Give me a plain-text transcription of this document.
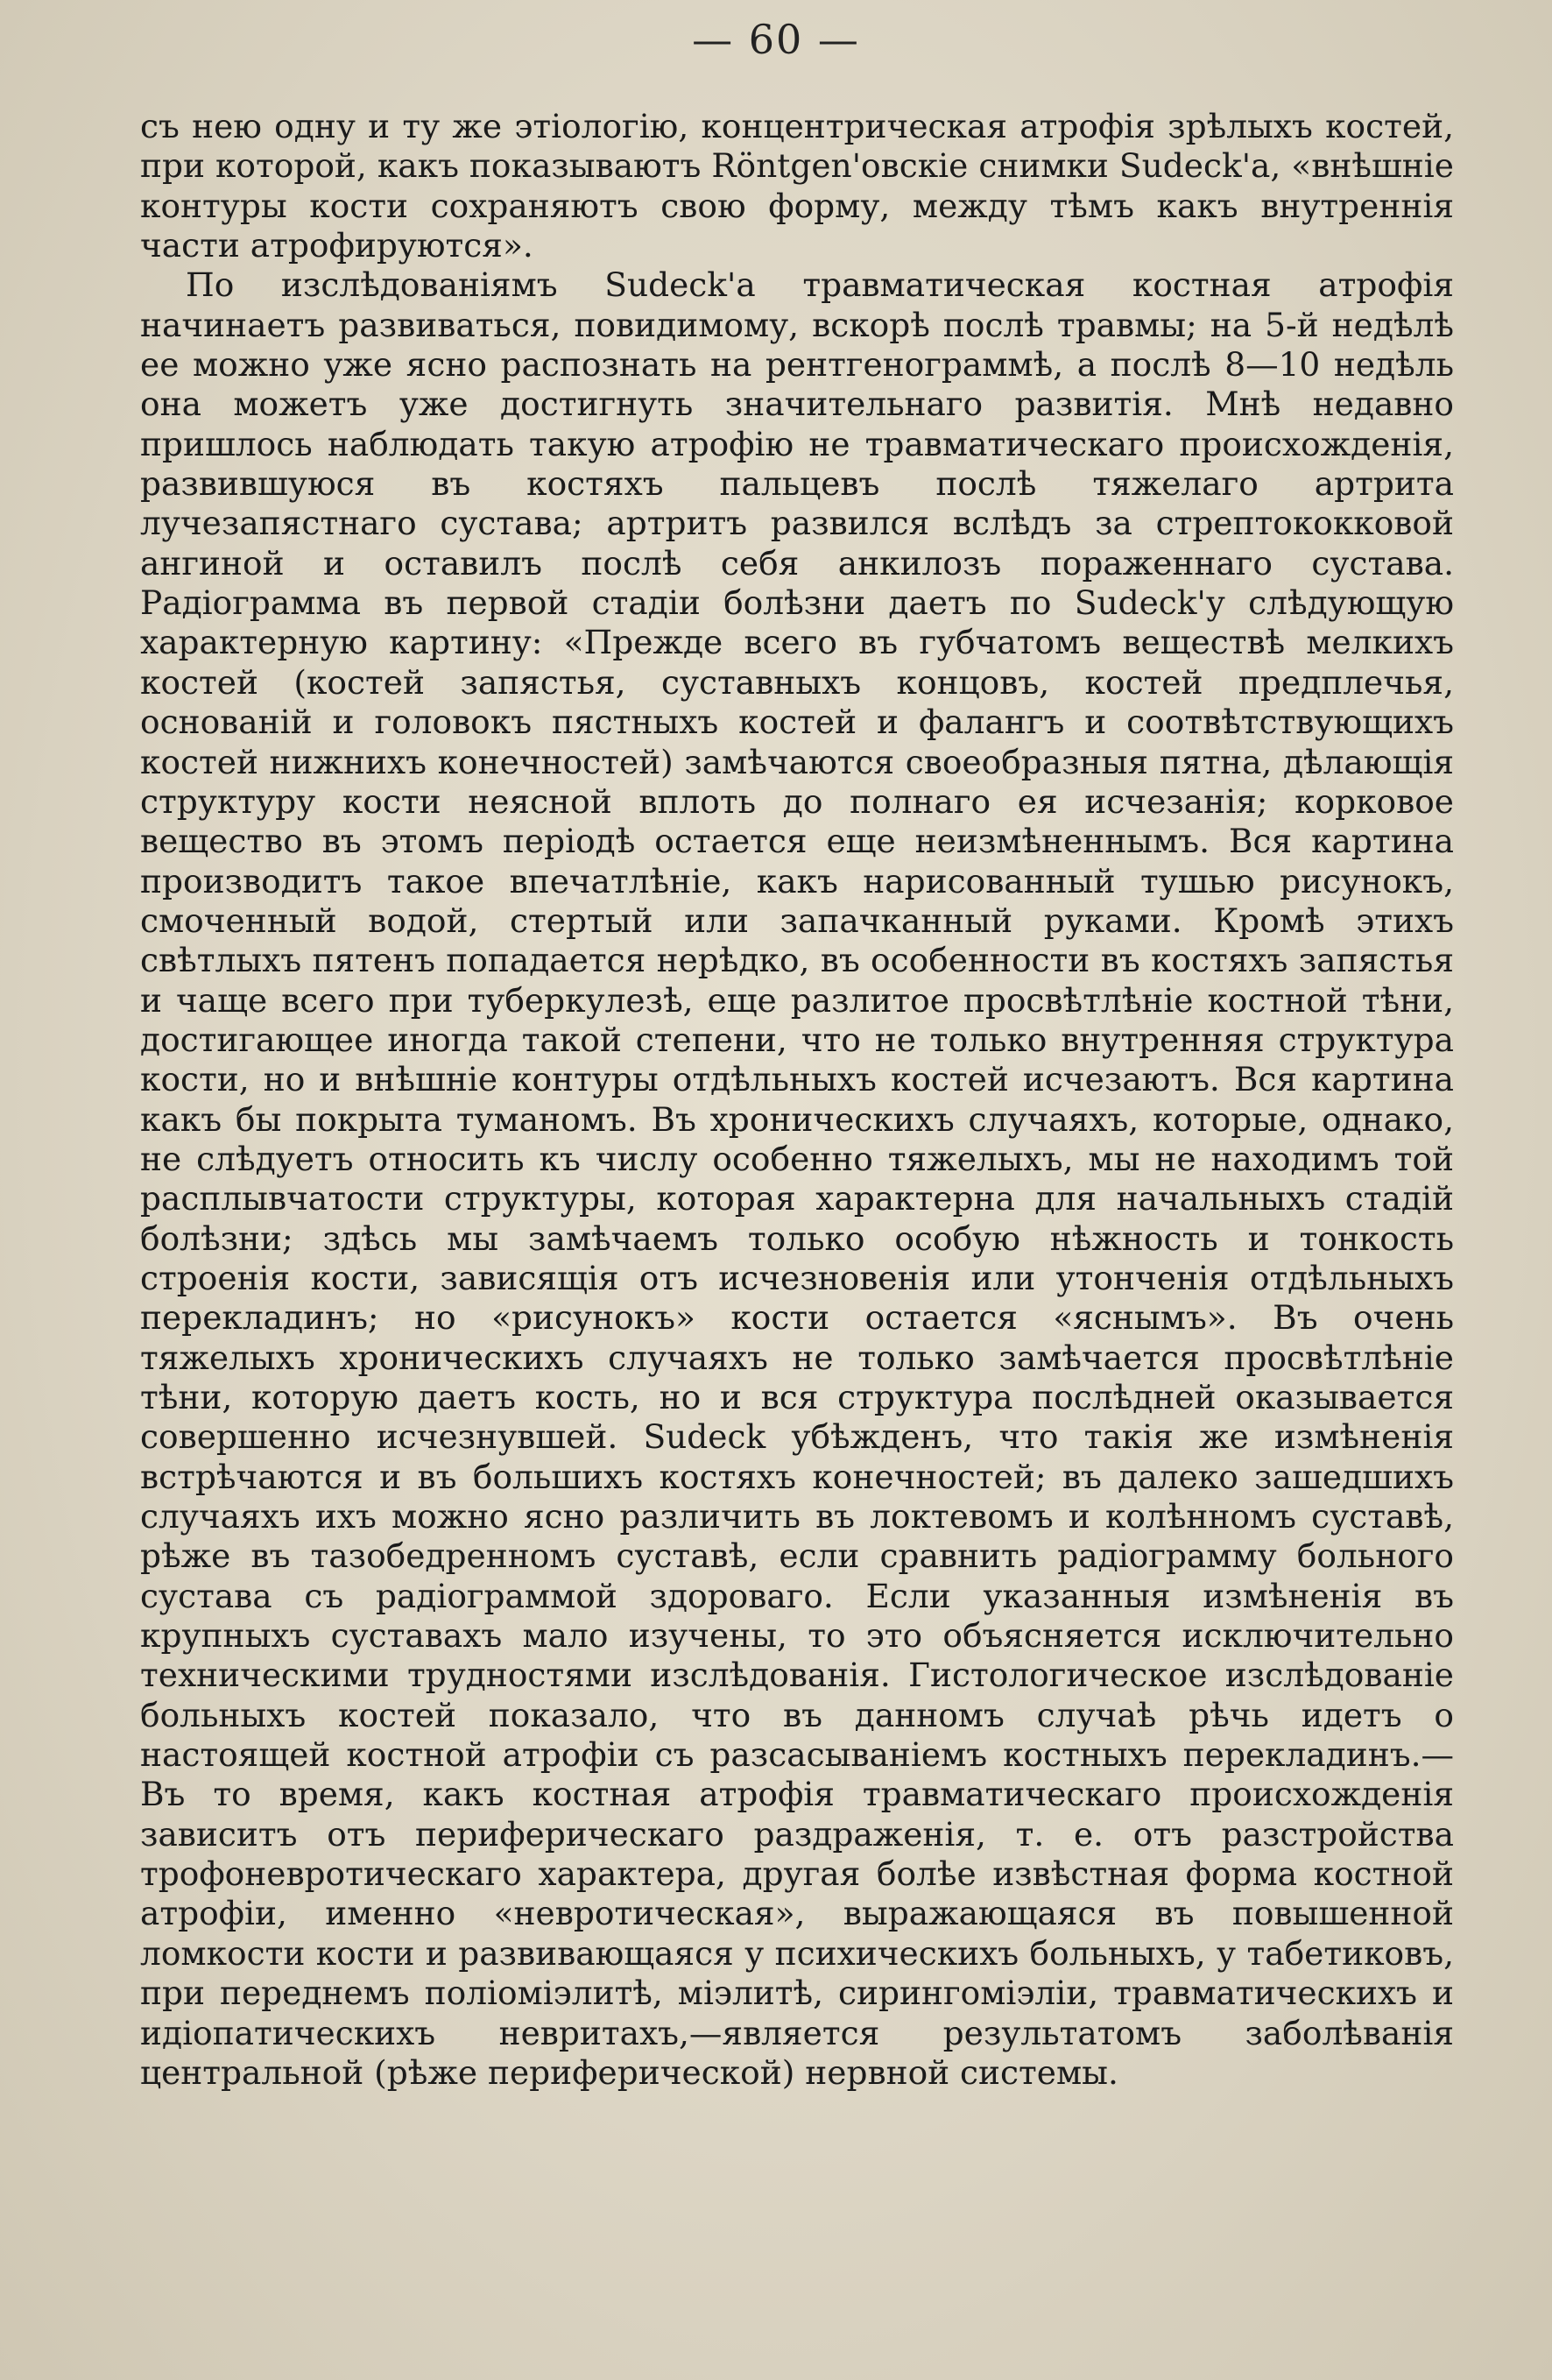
— 60 —

съ нею одну и ту же этіологію, концентрическая атрофія зрѣлыхъ костей, при которой, какъ показываютъ Röntgen'овскіе снимки Sudeck'а, «внѣшніе контуры кости сохраняютъ свою форму, между тѣмъ какъ внутреннія части атрофируются».

По изслѣдованіямъ Sudeck'а травматическая костная атрофія начинаетъ развиваться, повидимому, вскорѣ послѣ травмы; на 5-й недѣлѣ ее можно уже ясно распознать на рентгенограммѣ, а послѣ 8—10 недѣль она можетъ уже достигнуть значительнаго развитія. Мнѣ недавно пришлось наблюдать такую атрофію не травматическаго происхожденія, развившуюся въ костяхъ пальцевъ послѣ тяжелаго артрита лучезапястнаго сустава; артритъ развился вслѣдъ за стрептококковой ангиной и оставилъ послѣ себя анкилозъ пораженнаго сустава. Радіограмма въ первой стадіи болѣзни даетъ по Sudeck'у слѣдующую характерную картину: «Прежде всего въ губчатомъ веществѣ мелкихъ костей (костей запястья, суставныхъ концовъ, костей предплечья, основаній и головокъ пястныхъ костей и фалангъ и соотвѣтствующихъ костей нижнихъ конечностей) замѣчаются своеобразныя пятна, дѣлающія структуру кости неясной вплоть до полнаго ея исчезанія; корковое вещество въ этомъ періодѣ остается еще неизмѣненнымъ. Вся картина производитъ такое впечатлѣніе, какъ нарисованный тушью рисунокъ, смоченный водой, стертый или запачканный руками. Кромѣ этихъ свѣтлыхъ пятенъ попадается нерѣдко, въ особенности въ костяхъ запястья и чаще всего при туберкулезѣ, еще разлитое просвѣтлѣніе костной тѣни, достигающее иногда такой степени, что не только внутренняя структура кости, но и внѣшніе контуры отдѣльныхъ костей исчезаютъ. Вся картина какъ бы покрыта туманомъ. Въ хроническихъ случаяхъ, которые, однако, не слѣдуетъ относить къ числу особенно тяжелыхъ, мы не находимъ той расплывчатости структуры, которая характерна для начальныхъ стадій болѣзни; здѣсь мы замѣчаемъ только особую нѣжность и тонкость строенія кости, зависящія отъ исчезновенія или утонченія отдѣльныхъ перекладинъ; но «рисунокъ» кости остается «яснымъ». Въ очень тяжелыхъ хроническихъ случаяхъ не только замѣчается просвѣтлѣніе тѣни, которую даетъ кость, но и вся структура послѣдней оказывается совершенно исчезнувшей. Sudeck убѣжденъ, что такія же измѣненія встрѣчаются и въ большихъ костяхъ конечностей; въ далеко зашедшихъ случаяхъ ихъ можно ясно различить въ локтевомъ и колѣнномъ суставѣ, рѣже въ тазобедренномъ суставѣ, если сравнить радіограмму больного сустава съ радіограммой здороваго. Если указанныя измѣненія въ крупныхъ суставахъ мало изучены, то это объясняется исключительно техническими трудностями изслѣдованія. Гистологическое изслѣдованіе больныхъ костей показало, что въ данномъ случаѣ рѣчь идетъ о настоящей костной атрофіи съ разсасываніемъ костныхъ перекладинъ.—Въ то время, какъ костная атрофія травматическаго происхожденія зависитъ отъ периферическаго раздраженія, т. е. отъ разстройства трофоневротическаго характера, другая болѣе извѣстная форма костной атрофіи, именно «невротическая», выражающаяся въ повышенной ломкости кости и развивающаяся у психическихъ больныхъ, у табетиковъ, при переднемъ поліоміэлитѣ, міэлитѣ, сирингоміэліи, травматическихъ и идіопатическихъ невритахъ,—является результатомъ заболѣванія центральной (рѣже периферической) нервной системы.
